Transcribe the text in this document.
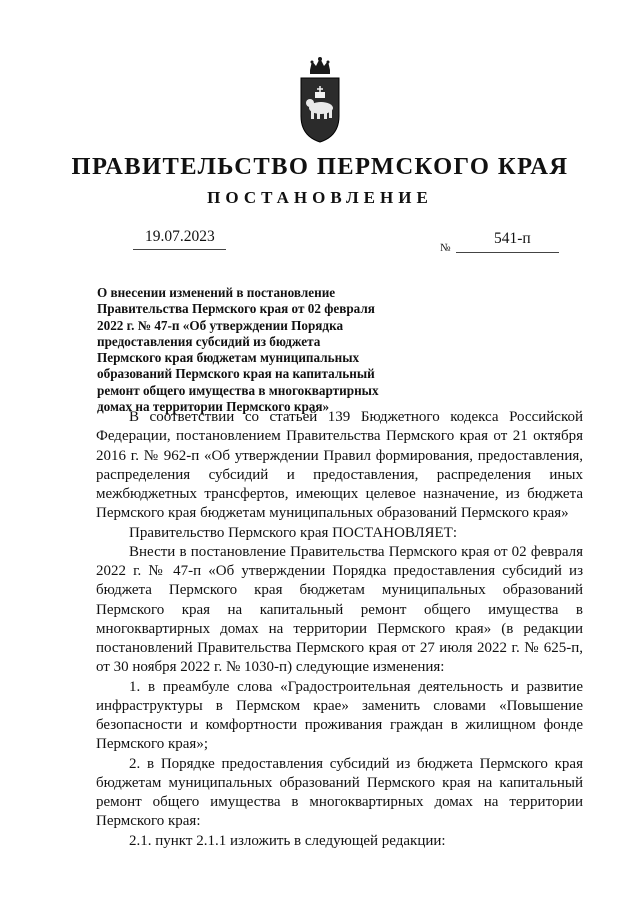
ПРАВИТЕЛЬСТВО ПЕРМСКОГО КРАЯ
ПОСТАНОВЛЕНИЕ
19.07.2023
№
541-п
О внесении изменений в постановление
Правительства Пермского края от 02 февраля
2022 г. № 47-п «Об утверждении Порядка
предоставления субсидий из бюджета
Пермского края бюджетам муниципальных
образований Пермского края на капитальный
ремонт общего имущества в многоквартирных
домах на территории Пермского края»

В соответствии со статьей 139 Бюджетного кодекса Российской Федерации, постановлением Правительства Пермского края от 21 октября 2016 г. № 962-п «Об утверждении Правил формирования, предоставления, распределения субсидий и предоставления, распределения иных межбюджетных трансфертов, имеющих целевое назначение, из бюджета Пермского края бюджетам муниципальных образований Пермского края»

Правительство Пермского края ПОСТАНОВЛЯЕТ:

Внести в постановление Правительства Пермского края от 02 февраля 2022 г. № 47-п «Об утверждении Порядка предоставления субсидий из бюджета Пермского края бюджетам муниципальных образований Пермского края на капитальный ремонт общего имущества в многоквартирных домах на территории Пермского края» (в редакции постановлений Правительства Пермского края от 27 июля 2022 г. № 625-п, от 30 ноября 2022 г. № 1030-п) следующие изменения:

1. в преамбуле слова «Градостроительная деятельность и развитие инфраструктуры в Пермском крае» заменить словами «Повышение безопасности и комфортности проживания граждан в жилищном фонде Пермского края»;

2. в Порядке предоставления субсидий из бюджета Пермского края бюджетам муниципальных образований Пермского края на капитальный ремонт общего имущества в многоквартирных домах на территории Пермского края:

2.1. пункт 2.1.1 изложить в следующей редакции:
